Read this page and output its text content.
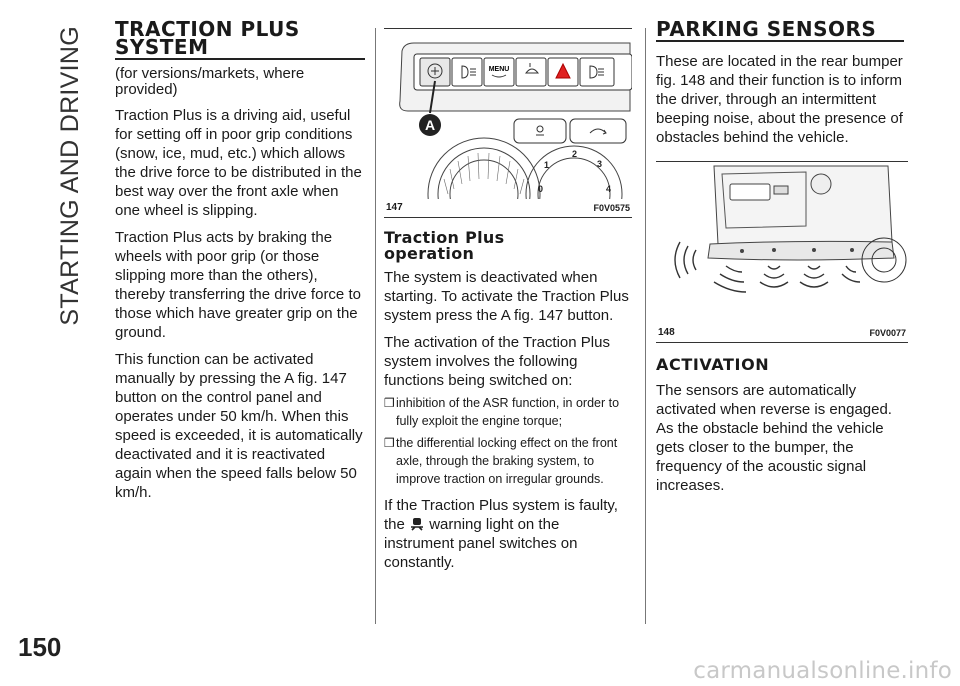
STARTING AND DRIVING
150
TRACTION PLUS SYSTEM

(for versions/markets, where provided)

Traction Plus is a driving aid, useful for setting off in poor grip conditions (snow, ice, mud, etc.) which allows the drive force to be distributed in the best way over the front axle when one wheel is slipping.

Traction Plus acts by braking the wheels with poor grip (or those slipping more than the others), thereby transferring the drive force to those which have greater grip on the ground.

This function can be activated manually by pressing the A fig. 147 button on the control panel and operates under 50 km/h. When this speed is exceeded, it is automatically deactivated and it is reactivated again when the speed falls below 50 km/h.

MENU
A
0
1
2
3
4
147	F0V0575
Traction Plus operation

The system is deactivated when starting. To activate the Traction Plus system press the A fig. 147 button.

The activation of the Traction Plus system involves the following functions being switched on:

❒ inhibition of the ASR function, in order to fully exploit the engine torque;
❒ the differential locking effect on the front axle, through the braking system, to improve traction on irregular grounds.

If the Traction Plus system is faulty, the warning light on the instrument panel switches on constantly.

PARKING SENSORS

These are located in the rear bumper fig. 148 and their function is to inform the driver, through an intermittent beeping noise, about the presence of obstacles behind the vehicle.

148	F0V0077
ACTIVATION

The sensors are automatically activated when reverse is engaged. As the obstacle behind the vehicle gets closer to the bumper, the frequency of the acoustic signal increases.

carmanualsonline.info
